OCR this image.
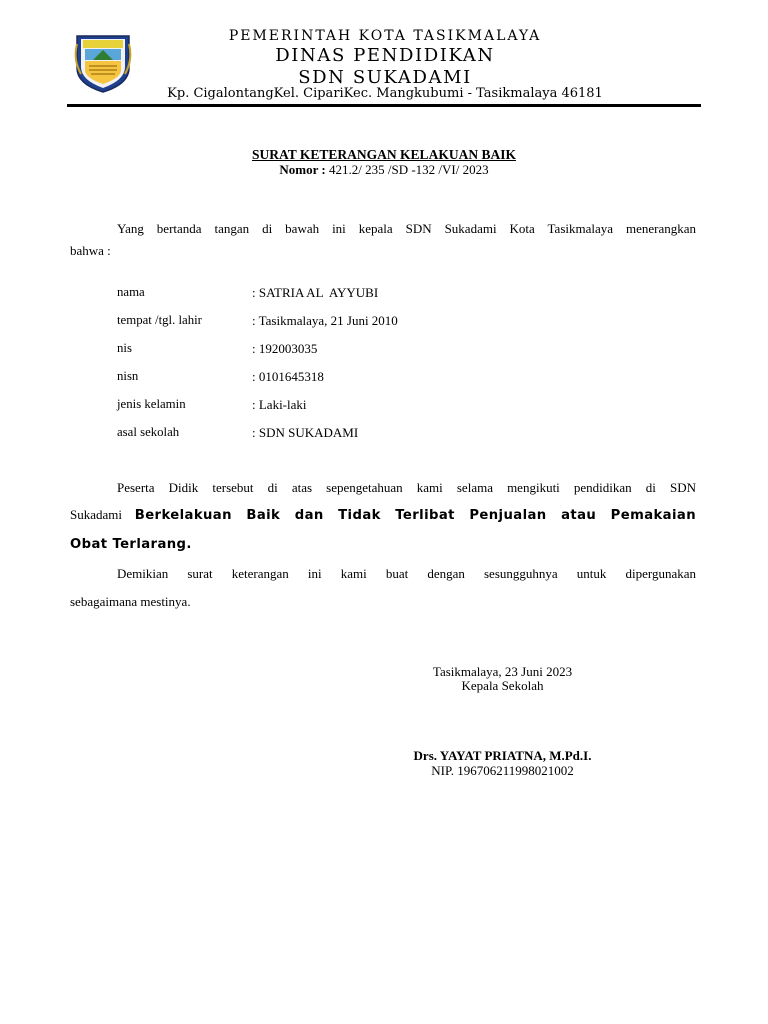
PEMERINTAH KOTA TASIKMALAYA
DINAS PENDIDIKAN
SDN SUKADAMI
Kp. CigalontangKel. CipariKec. Mangkubumi - Tasikmalaya 46181
SURAT KETERANGAN KELAKUAN BAIK
Nomor : 421.2/ 235 /SD -132 /VI/ 2023
Yang bertanda tangan di bawah ini kepala SDN Sukadami Kota Tasikmalaya menerangkan
bahwa :
nama	: SATRIA AL  AYYUBI
tempat /tgl. lahir	: Tasikmalaya, 21 Juni 2010
nis	: 192003035
nisn	: 0101645318
jenis kelamin	: Laki-laki
asal sekolah	: SDN SUKADAMI
Peserta Didik tersebut di atas sepengetahuan kami selama mengikuti pendidikan di SDN
Sukadami Berkelakuan Baik dan Tidak Terlibat Penjualan atau Pemakaian
Obat Terlarang.
Demikian surat keterangan ini kami buat dengan sesungguhnya untuk dipergunakan
sebagaimana mestinya.
Tasikmalaya, 23 Juni 2023
Kepala Sekolah
Drs. YAYAT PRIATNA, M.Pd.I.
NIP. 196706211998021002
